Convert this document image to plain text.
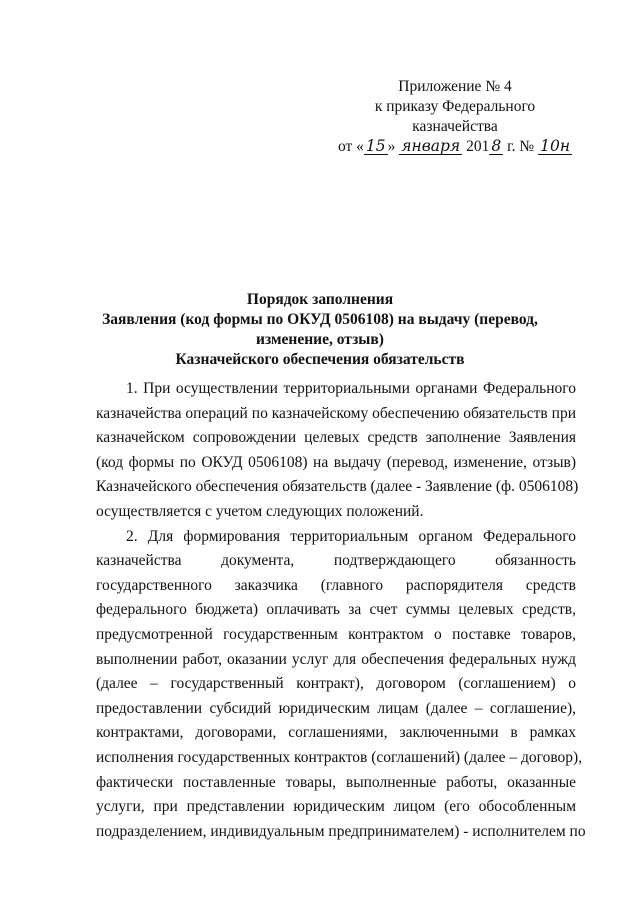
Приложение № 4
к приказу Федерального
казначейства
от « 15 » января 201 8 г. № 10н
Порядок заполнения
Заявления (код формы по ОКУД 0506108) на выдачу (перевод,
изменение, отзыв)
Казначейского обеспечения обязательств
1. При осуществлении территориальными органами Федерального
казначейства операций по казначейскому обеспечению обязательств при
казначейском сопровождении целевых средств заполнение Заявления
(код формы по ОКУД 0506108) на выдачу (перевод, изменение, отзыв)
Казначейского обеспечения обязательств (далее - Заявление (ф. 0506108)
осуществляется с учетом следующих положений.
2. Для формирования территориальным органом Федерального
казначейства документа, подтверждающего обязанность
государственного заказчика (главного распорядителя средств
федерального бюджета) оплачивать за счет суммы целевых средств,
предусмотренной государственным контрактом о поставке товаров,
выполнении работ, оказании услуг для обеспечения федеральных нужд
(далее – государственный контракт), договором (соглашением) о
предоставлении субсидий юридическим лицам (далее – соглашение),
контрактами, договорами, соглашениями, заключенными в рамках
исполнения государственных контрактов (соглашений) (далее – договор),
фактически поставленные товары, выполненные работы, оказанные
услуги, при представлении юридическим лицом (его обособленным
подразделением, индивидуальным предпринимателем) - исполнителем по
